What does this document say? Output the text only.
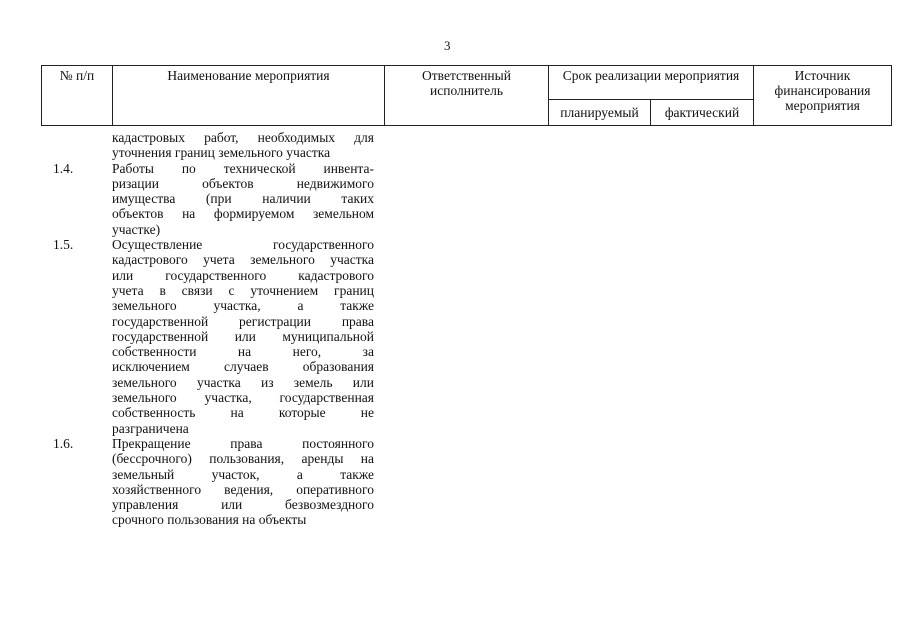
3
№ п/п	Наименование мероприятия	Ответственный исполнитель	Срок реализации мероприятия		Источник финансирования мероприятия
			планируемый	фактический	
кадастровых работ, необходимых для
уточнения границ земельного участка
1.4.	Работы по технической инвента-
ризации объектов недвижимого
имущества (при наличии таких
объектов на формируемом земельном
участке)
1.5.	Осуществление государственного
кадастрового учета земельного участка
или государственного кадастрового
учета в связи с уточнением границ
земельного участка, а также
государственной регистрации права
государственной или муниципальной
собственности на него, за
исключением случаев образования
земельного участка из земель или
земельного участка, государственная
собственность на которые не
разграничена
1.6.	Прекращение права постоянного
(бессрочного) пользования, аренды на
земельный участок, а также
хозяйственного ведения, оперативного
управления или безвозмездного
срочного пользования на объекты
